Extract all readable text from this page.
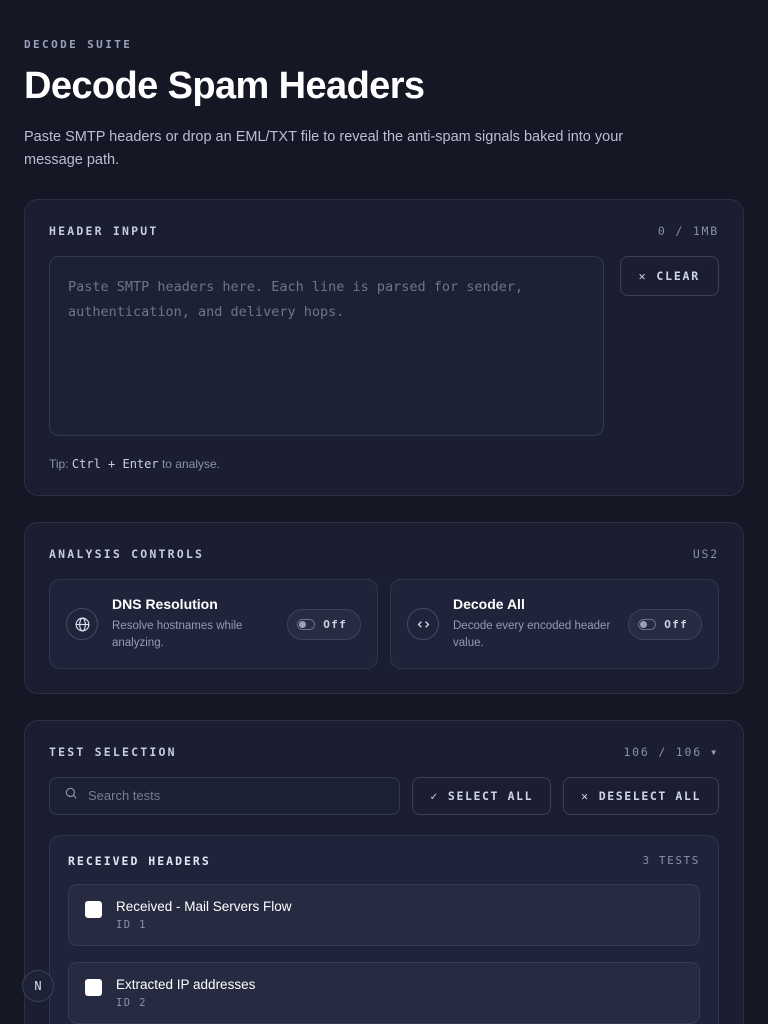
DECODE SUITE
Decode Spam Headers

Paste SMTP headers or drop an EML/TXT file to reveal the anti-spam signals baked into your message path.

HEADER INPUT	0 / 1MB
Paste SMTP headers here. Each line is parsed for sender, authentication, and delivery hops.
✕ CLEAR
Tip: Ctrl + Enter to analyse.
ANALYSIS CONTROLS	US2
DNS Resolution
Resolve hostnames while analyzing.
Off
Decode All
Decode every encoded header value.
Off
TEST SELECTION	106 / 106 ▾
Search tests
✓ SELECT ALL	✕ DESELECT ALL
RECEIVED HEADERS	3 TESTS
Received - Mail Servers Flow
ID 1
Extracted IP addresses
ID 2
N
